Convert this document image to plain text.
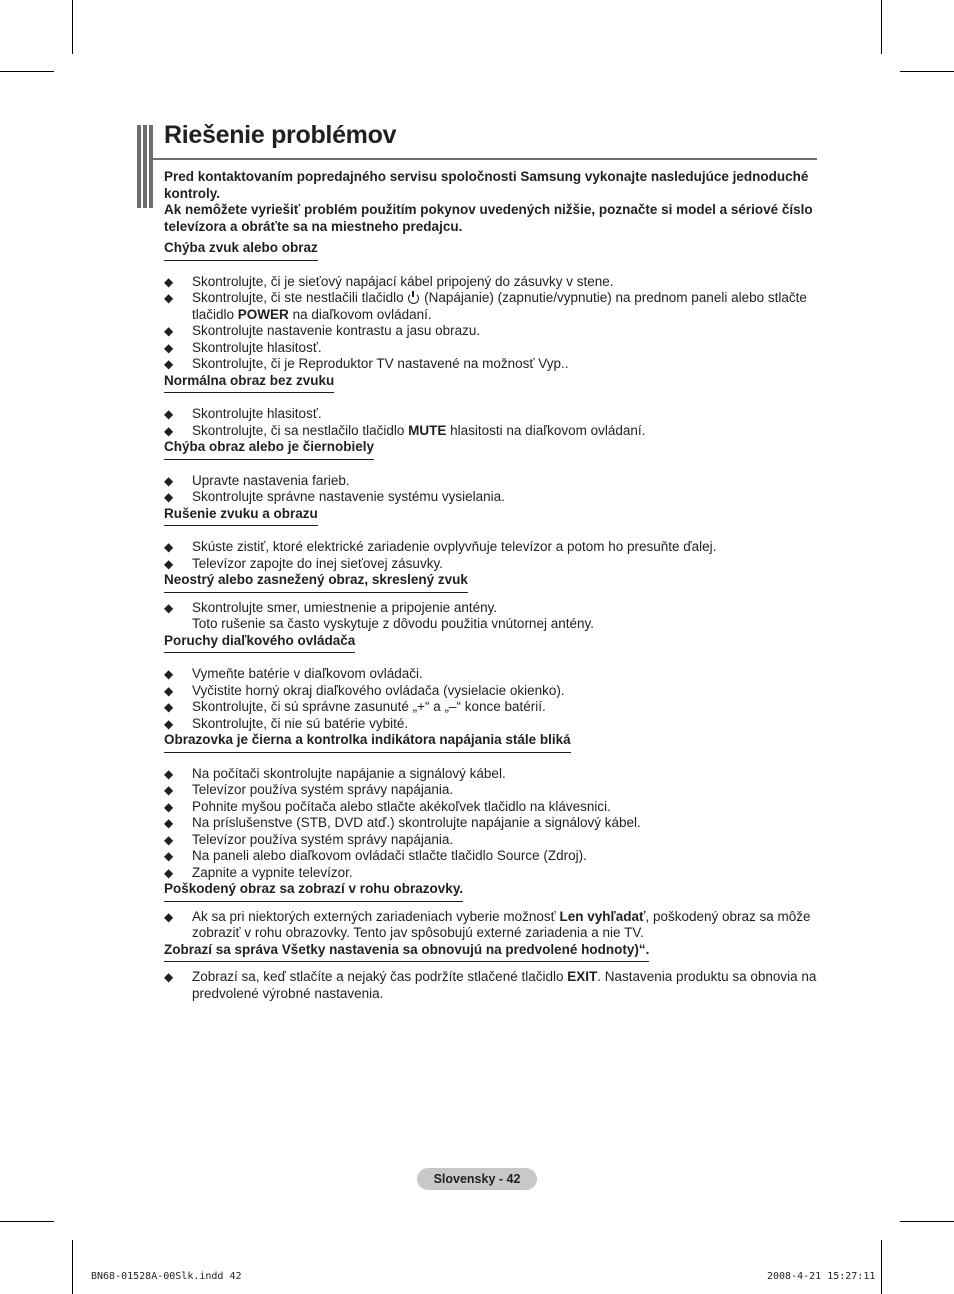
Riešenie problémov

Pred kontaktovaním popredajného servisu spoločnosti Samsung vykonajte nasledujúce jednoduché kontroly.

Ak nemôžete vyriešiť problém použitím pokynov uvedených nižšie, poznačte si model a sériové číslo televízora a obráťte sa na miestneho predajcu.

Chýba zvuk alebo obraz
◆ Skontrolujte, či je sieťový napájací kábel pripojený do zásuvky v stene.
◆ Skontrolujte, či ste nestlačili tlačidlo (Napájanie) (zapnutie/vypnutie) na prednom paneli alebo stlačte tlačidlo POWER na diaľkovom ovládaní.
◆ Skontrolujte nastavenie kontrastu a jasu obrazu.
◆ Skontrolujte hlasitosť.
◆ Skontrolujte, či je Reproduktor TV nastavené na možnosť Vyp..
Normálna obraz bez zvuku
◆ Skontrolujte hlasitosť.
◆ Skontrolujte, či sa nestlačilo tlačidlo MUTE hlasitosti na diaľkovom ovládaní.
Chýba obraz alebo je čiernobiely
◆ Upravte nastavenia farieb.
◆ Skontrolujte správne nastavenie systému vysielania.
Rušenie zvuku a obrazu
◆ Skúste zistiť, ktoré elektrické zariadenie ovplyvňuje televízor a potom ho presuňte ďalej.
◆ Televízor zapojte do inej sieťovej zásuvky.
Neostrý alebo zasnežený obraz, skreslený zvuk
◆ Skontrolujte smer, umiestnenie a pripojenie antény.
Toto rušenie sa často vyskytuje z dôvodu použitia vnútornej antény.
Poruchy diaľkového ovládača
◆ Vymeňte batérie v diaľkovom ovládači.
◆ Vyčistite horný okraj diaľkového ovládača (vysielacie okienko).
◆ Skontrolujte, či sú správne zasunuté „+“ a „–“ konce batérií.
◆ Skontrolujte, či nie sú batérie vybité.
Obrazovka je čierna a kontrolka indikátora napájania stále bliká
◆ Na počítači skontrolujte napájanie a signálový kábel.
◆ Televízor používa systém správy napájania.
◆ Pohnite myšou počítača alebo stlačte akékoľvek tlačidlo na klávesnici.
◆ Na príslušenstve (STB, DVD atď.) skontrolujte napájanie a signálový kábel.
◆ Televízor používa systém správy napájania.
◆ Na paneli alebo diaľkovom ovládači stlačte tlačidlo Source (Zdroj).
◆ Zapnite a vypnite televízor.
Poškodený obraz sa zobrazí v rohu obrazovky.
◆ Ak sa pri niektorých externých zariadeniach vyberie možnosť Len vyhľadať, poškodený obraz sa môže zobraziť v rohu obrazovky. Tento jav spôsobujú externé zariadenia a nie TV.
Zobrazí sa správa Všetky nastavenia sa obnovujú na predvolené hodnoty)“.
◆ Zobrazí sa, keď stlačíte a nejaký čas podržíte stlačené tlačidlo EXIT. Nastavenia produktu sa obnovia na predvolené výrobné nastavenia.
Slovensky - 42
BN68-01528A-00Slk.indd 42	2008-4-21 15:27:11
